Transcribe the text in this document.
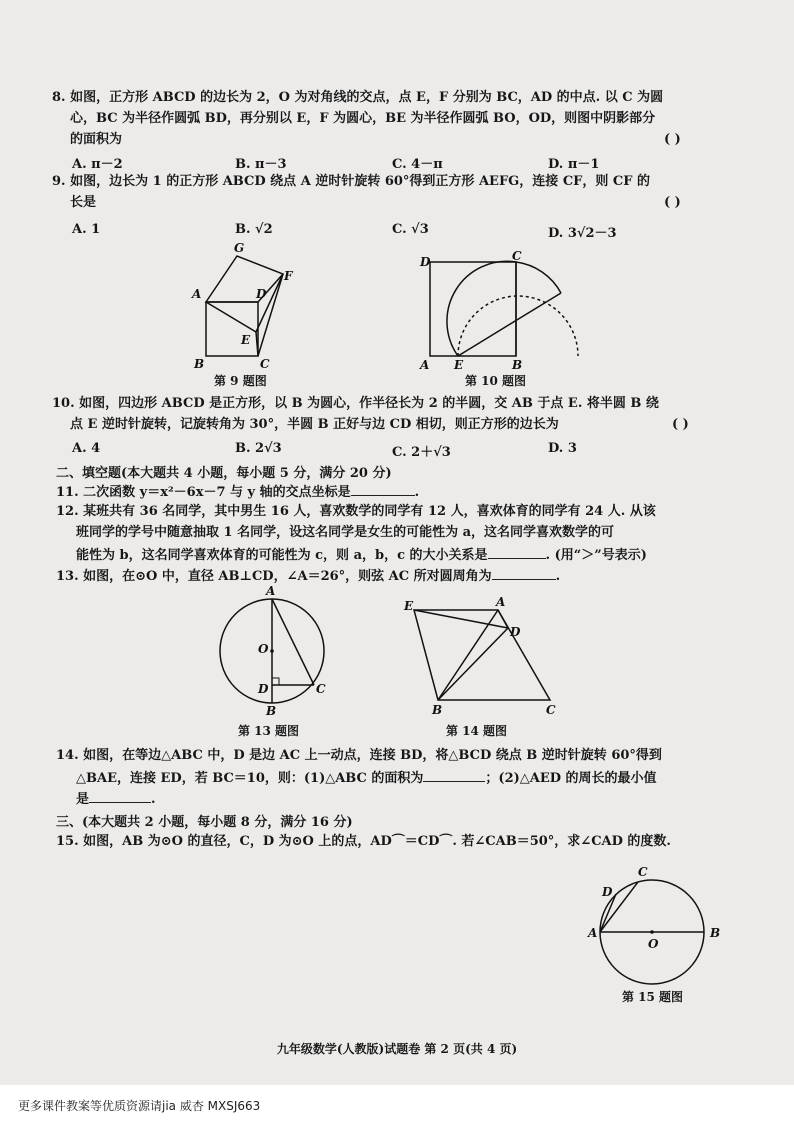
8. 如图，正方形 ABCD 的边长为 2，O 为对角线的交点，点 E，F 分别为 BC，AD 的中点. 以 C 为圆
心，BC 为半径作圆弧 BD，再分别以 E，F 为圆心，BE 为半径作圆弧 BO，OD，则图中阴影部分
的面积为	( )
A. π－2	B. π－3	C. 4－π	D. π－1
9. 如图，边长为 1 的正方形 ABCD 绕点 A 逆时针旋转 60°得到正方形 AEFG，连接 CF，则 CF 的
长是	( )
A. 1	B. √2	C. √3	D. 3√2－3
G
F
A	D
E
B	C
第 9 题图
D	C
A E	B
第 10 题图
10. 如图，四边形 ABCD 是正方形，以 B 为圆心，作半径长为 2 的半圆，交 AB 于点 E. 将半圆 B 绕
点 E 逆时针旋转，记旋转角为 30°，半圆 B 正好与边 CD 相切，则正方形的边长为	( )
A. 4	B. 2√3	C. 2＋√3	D. 3
二、填空题(本大题共 4 小题，每小题 5 分，满分 20 分)
11. 二次函数 y＝x²－6x－7 与 y 轴的交点坐标是	.
12. 某班共有 36 名同学，其中男生 16 人，喜欢数学的同学有 12 人，喜欢体育的同学有 24 人. 从该
班同学的学号中随意抽取 1 名同学，设这名同学是女生的可能性为 a，这名同学喜欢数学的可
能性为 b，这名同学喜欢体育的可能性为 c，则 a，b，c 的大小关系是	. (用“＞”号表示)
13. 如图，在⊙O 中，直径 AB⊥CD，∠A＝26°，则弦 AC 所对圆周角为	.
A
O
D	C
B
第 13 题图
E	A
D
B	C
第 14 题图
14. 如图，在等边△ABC 中，D 是边 AC 上一动点，连接 BD，将△BCD 绕点 B 逆时针旋转 60°得到
△BAE，连接 ED，若 BC＝10，则：(1)△ABC 的面积为	；(2)△AED 的周长的最小值
是	.
三、(本大题共 2 小题，每小题 8 分，满分 16 分)
15. 如图，AB 为⊙O 的直径，C，D 为⊙O 上的点，AD⌒＝CD⌒. 若∠CAB＝50°，求∠CAD 的度数.
C
D
A
O
B
第 15 题图
九年级数学(人教版)试题卷 第 2 页(共 4 页)
更多课件教案等优质资源请jia 威杏 MXSJ663
